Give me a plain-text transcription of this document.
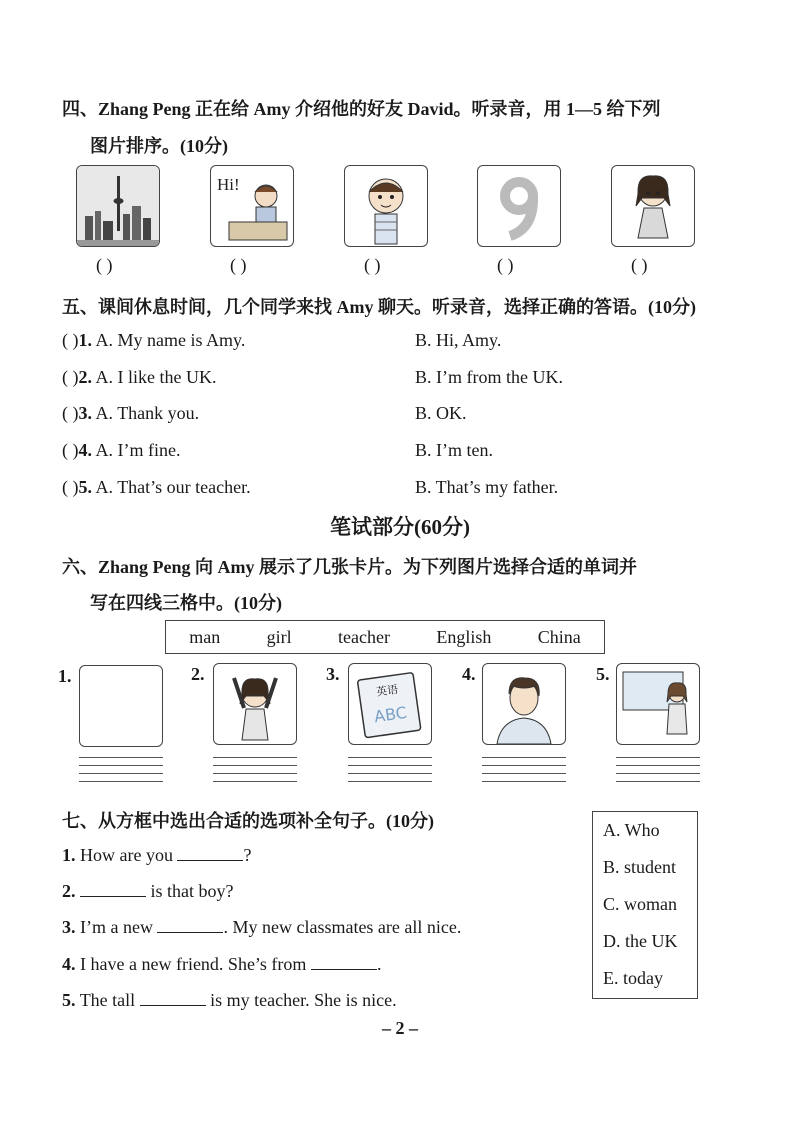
四、Zhang Peng 正在给 Amy 介绍他的好友 David。听录音，用 1—5 给下列
图片排序。(10分)
Hi!
( )	( )	( )	( )	( )
五、课间休息时间，几个同学来找 Amy 聊天。听录音，选择正确的答语。(10分)
( )1. A. My name is Amy.	B. Hi, Amy.
( )2. A. I like the UK.	B. I’m from the UK.
( )3. A. Thank you.	B. OK.
( )4. A. I’m fine.	B. I’m ten.
( )5. A. That’s our teacher.	B. That’s my father.
笔试部分(60分)
六、Zhang Peng 向 Amy 展示了几张卡片。为下列图片选择合适的单词并
写在四线三格中。(10分)
man	girl	teacher	English	China
1.	2.	3.
英语
ABC
4.	5.
七、从方框中选出合适的选项补全句子。(10分)
1. How are you	?
2.	is that boy?
3. I’m a new	. My new classmates are all nice.
4. I have a new friend. She’s from	.
5. The tall	is my teacher. She is nice.
A. Who
B. student
C. woman
D. the UK
E. today
– 2 –
